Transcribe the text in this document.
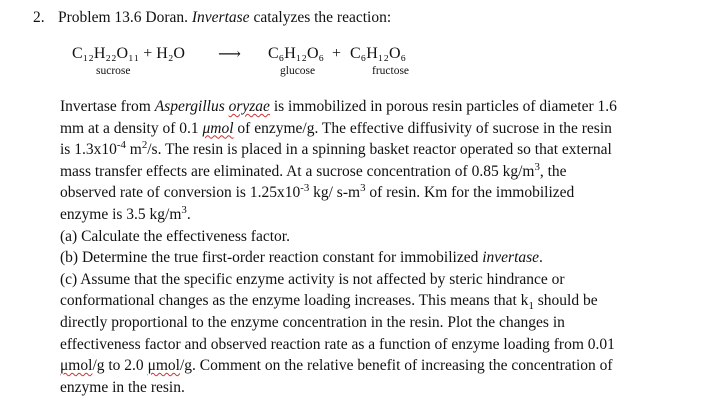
2. Problem 13.6 Doran. Invertase catalyzes the reaction:
C₁₂H₂₂O₁₁ + H₂O
sucrose
⟶ C₆H₁₂O₆ + C₆H₁₂O₆
glucose	fructose
Invertase from Aspergillus oryzae is immobilized in porous resin particles of diameter 1.6
mm at a density of 0.1 μmol of enzyme/g. The effective diffusivity of sucrose in the resin
is $1.3x10^{-4}$ $m^2/s$. The resin is placed in a spinning basket reactor operated so that external
mass transfer effects are eliminated. At a sucrose concentration of 0.85 $kg/m^3$, the
observed rate of conversion is $1.25x10^{-3}$ kg/ $s-m^3$ of resin. Km for the immobilized
enzyme is 3.5 $kg/m^3$.
(a) Calculate the effectiveness factor.
(b) Determine the true first-order reaction constant for immobilized invertase.
(c) Assume that the specific enzyme activity is not affected by steric hindrance or
conformational changes as the enzyme loading increases. This means that $k_1$ should be
directly proportional to the enzyme concentration in the resin. Plot the changes in
effectiveness factor and observed reaction rate as a function of enzyme loading from 0.01
μmol/g to 2.0 μmol/g. Comment on the relative benefit of increasing the concentration of
enzyme in the resin.
